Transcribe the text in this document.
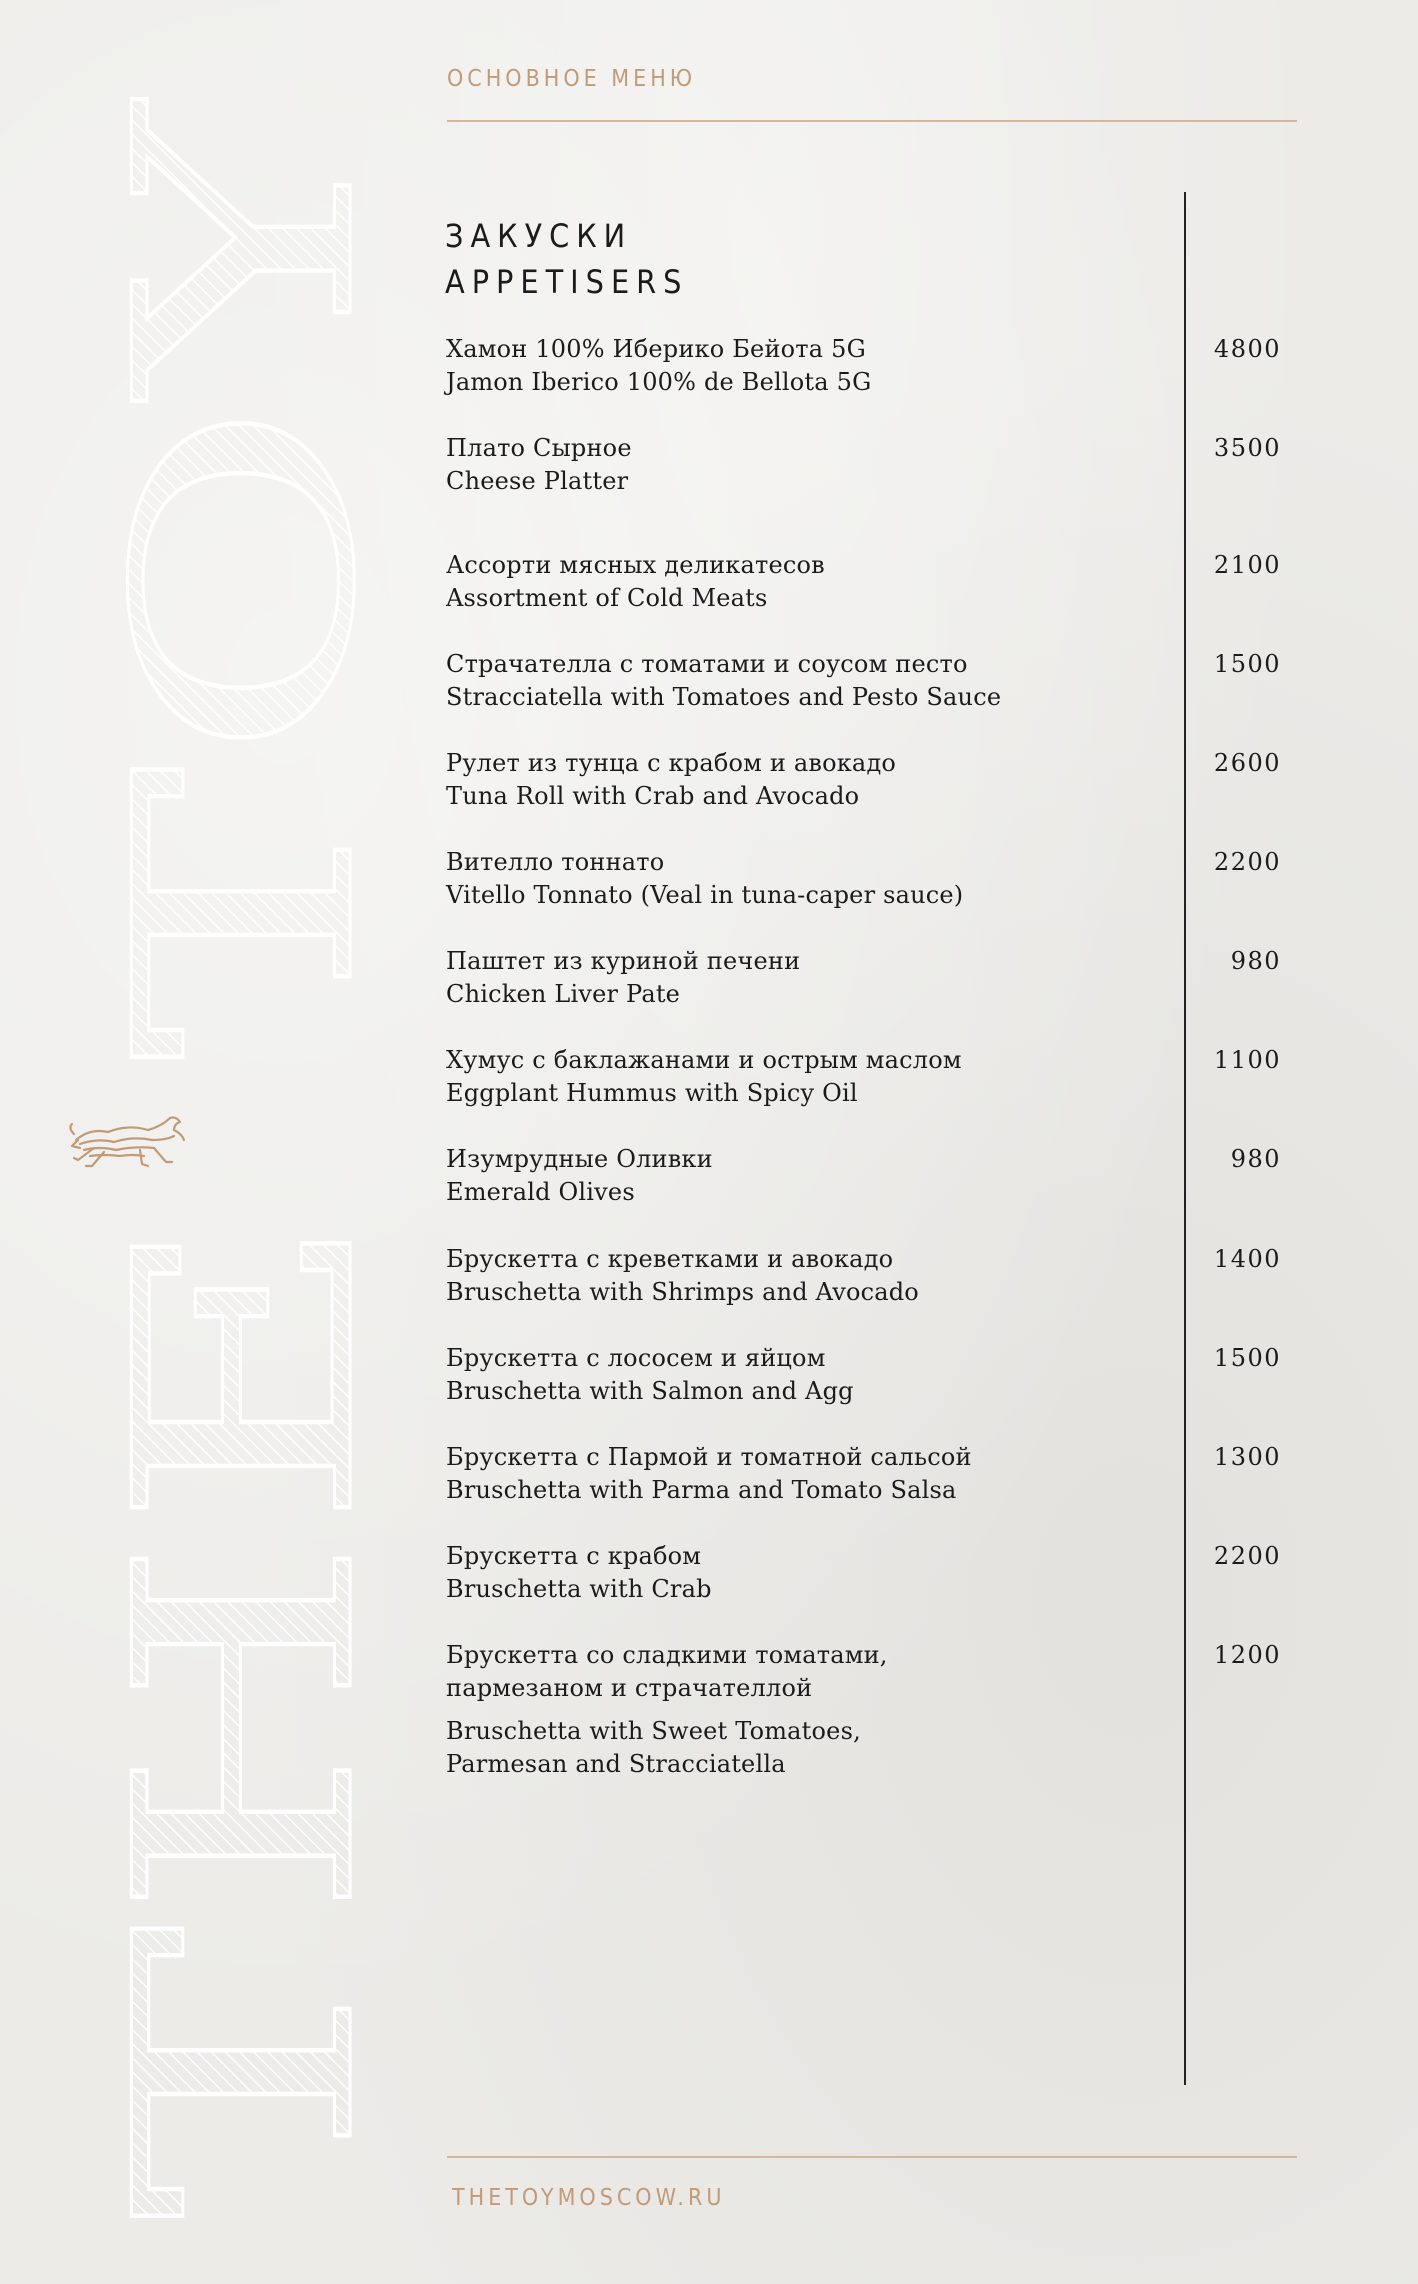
THE TOY
ОСНОВНОЕ МЕНЮ
ЗАКУСКИ
APPETISERS
Хамон 100% Иберико Бейота 5G
Jamon Iberico 100% de Bellota 5G
4800
Плато Сырное
Cheese Platter
3500
Ассорти мясных деликатесов
Assortment of Cold Meats
2100
Страчателла с томатами и соусом песто
Stracciatella with Tomatoes and Pesto Sauce
1500
Рулет из тунца с крабом и авокадо
Tuna Roll with Crab and Avocado
2600
Вителло тоннато
Vitello Tonnato (Veal in tuna-caper sauce)
2200
Паштет из куриной печени
Chicken Liver Pate
980
Хумус с баклажанами и острым маслом
Eggplant Hummus with Spicy Oil
1100
Изумрудные Оливки
Emerald Olives
980
Брускетта с креветками и авокадо
Bruschetta with Shrimps and Avocado
1400
Брускетта с лососем и яйцом
Bruschetta with Salmon and Agg
1500
Брускетта с Пармой и томатной сальсой
Bruschetta with Parma and Tomato Salsa
1300
Брускетта с крабом
Bruschetta with Crab
2200
Брускетта со сладкими томатами,
пармезаном и страчателлой
Bruschetta with Sweet Tomatoes,
Parmesan and Stracciatella
1200
THETOYMOSCOW.RU
